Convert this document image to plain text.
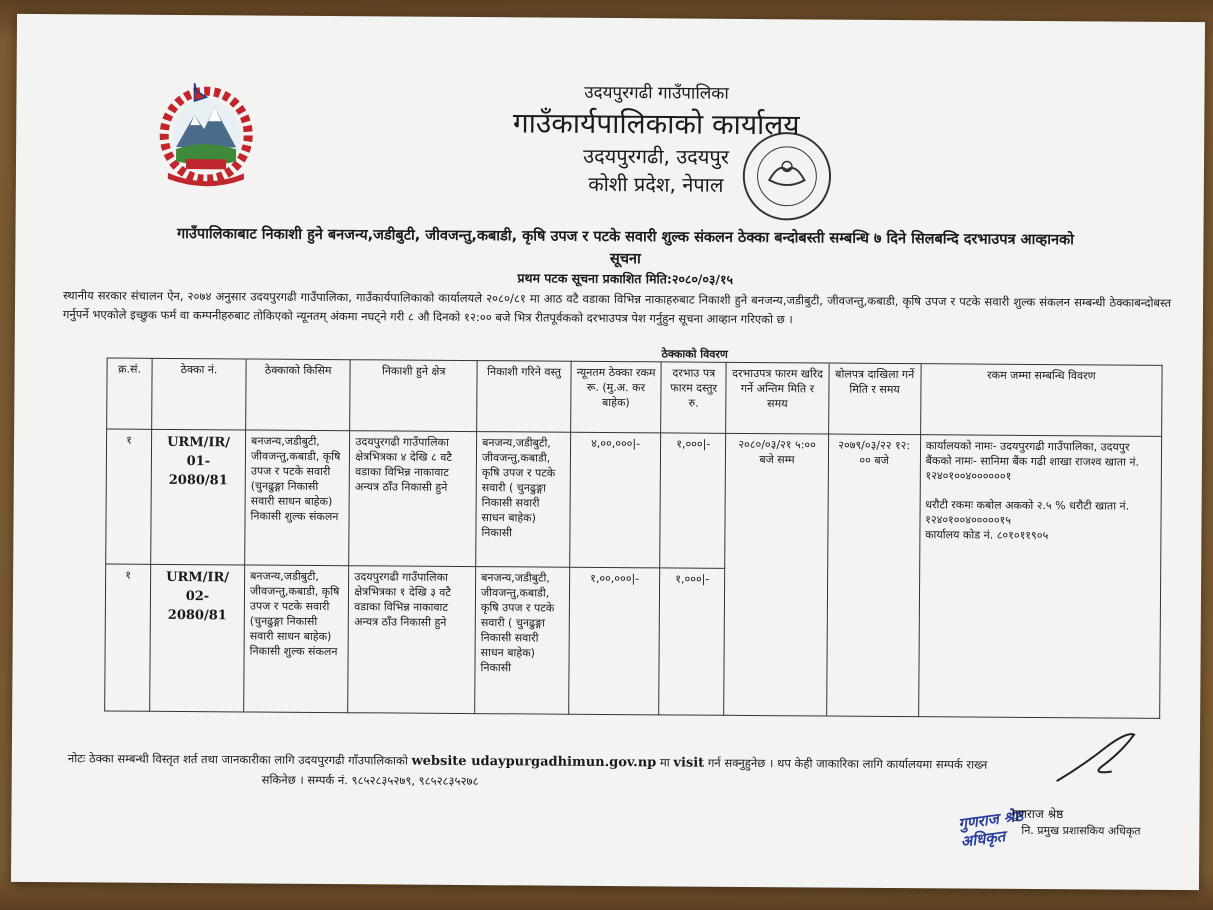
उदयपुरगढी गाउँपालिका
गाउँकार्यपालिकाको कार्यालय
उदयपुरगढी, उदयपुर
कोशी प्रदेश, नेपाल
गाउँपालिकाबाट निकाशी हुने बनजन्य,जडीबुटी, जीवजन्तु,कबाडी, कृषि उपज र पटके सवारी शुल्क संकलन ठेक्का बन्दोबस्ती सम्बन्धि ७ दिने सिलबन्दि दरभाउपत्र आव्हानको
सूचना
प्रथम पटक सूचना प्रकाशित मिति:२०८०/०३/१५
स्थानीय सरकार संचालन ऐन, २०७४ अनुसार उदयपुरगढी गाउँपालिका, गाउँकार्यपालिकाको कार्यालयले २०८०/८१ मा आठ वटै वडाका विभिन्न नाकाहरुबाट निकाशी हुने बनजन्य,जडीबुटी, जीवजन्तु,कबाडी, कृषि उपज र पटके सवारी शुल्क संकलन सम्बन्धी ठेक्काबन्दोबस्त गर्नुपर्ने भएकोले इच्छुक फर्म वा कम्पनीहरुबाट तोकिएको न्यूनतम् अंकमा नघट्ने गरी ८ औ दिनको १२:०० बजे भित्र रीतपूर्वकको दरभाउपत्र पेश गर्नुहुन सूचना आव्हान गरिएको छ ।
ठेक्काको विवरण
क्र.सं.	ठेक्का नं.	ठेक्काको किसिम	निकाशी हुने क्षेत्र	निकाशी गरिने वस्तु	न्यूनतम ठेक्का रकम रू. (मु.अ. कर बाहेक)	दरभाउ पत्र फारम दस्तुर रु.	दरभाउपत्र फारम खरिद गर्ने अन्तिम मिति र समय	बोलपत्र दाखिला गर्ने मिति र समय	रकम जम्मा सम्बन्धि विवरण
१	URM/IR/ 01- 2080/81	बनजन्य,जडीबुटी, जीवजन्तु,कबाडी, कृषि उपज र पटके सवारी (चुनढुङ्गा निकासी सवारी साधन बाहेक) निकासी शुल्क संकलन	उदयपुरगढी गाउँपालिका क्षेत्रभित्रका ४ देखि ८ वटै वडाका विभिन्न नाकावाट अन्यत्र ठाँउ निकासी हुने	बनजन्य,जडीबुटी, जीवजन्तु,कबाडी, कृषि उपज र पटके सवारी ( चुनढुङ्गा निकासी सवारी साधन बाहेक) निकासी	४,००,०००|-	१,०००|-	२०८०/०३/२१ ५:०० बजे सम्म	२०७९/०३/२२ १२: ०० बजे	कार्यालयको नामः- उदयपुरगढी गाउँपालिका, उदयपुर
बैंकको नामः- सानिमा बैंक गढी शाखा राजश्व खाता नं. १२४०१००४००००००१
धरौटी रकमः कबोल अकको २.५ % धरौटी खाता नं. १२४०१००४०००००१५
कार्यालय कोड नं. ८०१०११९०५

१	URM/IR/ 02- 2080/81	बनजन्य,जडीबुटी, जीवजन्तु,कबाडी, कृषि उपज र पटके सवारी (चुनढुङ्गा निकासी सवारी साधन बाहेक) निकासी शुल्क संकलन	उदयपुरगढी गाउँपालिका क्षेत्रभित्रका १ देखि ३ वटै वडाका विभिन्न नाकावाट अन्यत्र ठाँउ निकासी हुने	बनजन्य,जडीबुटी, जीवजन्तु,कबाडी, कृषि उपज र पटके सवारी ( चुनढुङ्गा निकासी सवारी साधन बाहेक) निकासी	१,००,०००|-	१,०००|-			
नोटः ठेक्का सम्बन्धी विस्तृत शर्त तथा जानकारीका लागि उदयपुरगढी गाँउपालिकाको website udaypurgadhimun.gov.np मा visit गर्न सक्नुहुनेछ । थप केही जाकारिका लागि कार्यालयमा सम्पर्क राख्न
सकिनेछ । सम्पर्क नं. ९८५२८३५२७९, ९८५२८३५२७८
गुणराज श्रेष्ठ
अधिकृत
गुणराज श्रेष्ठ
नि. प्रमुख प्रशासकिय अधिकृत
